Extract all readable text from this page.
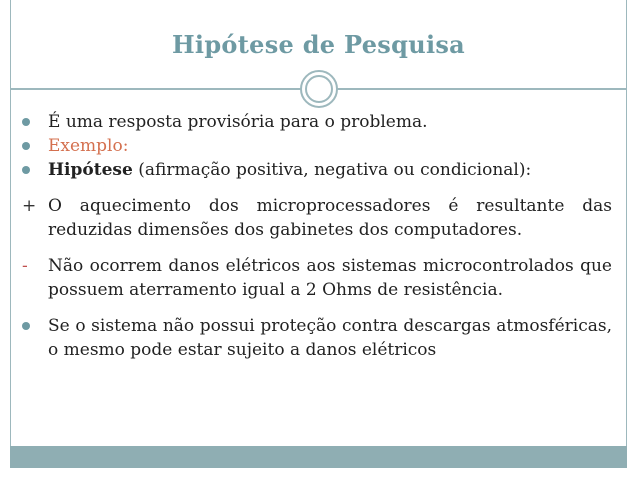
Hipótese de Pesquisa
É uma resposta provisória para o problema.
Exemplo:
Hipótese (afirmação positiva, negativa ou condicional):
+ O aquecimento dos microprocessadores é resultante das reduzidas dimensões dos gabinetes dos computadores.
- Não ocorrem danos elétricos aos sistemas microcontrolados que possuem aterramento igual a 2 Ohms de resistência.
Se o sistema não possui proteção contra descargas atmosféricas, o mesmo pode estar sujeito a danos elétricos
